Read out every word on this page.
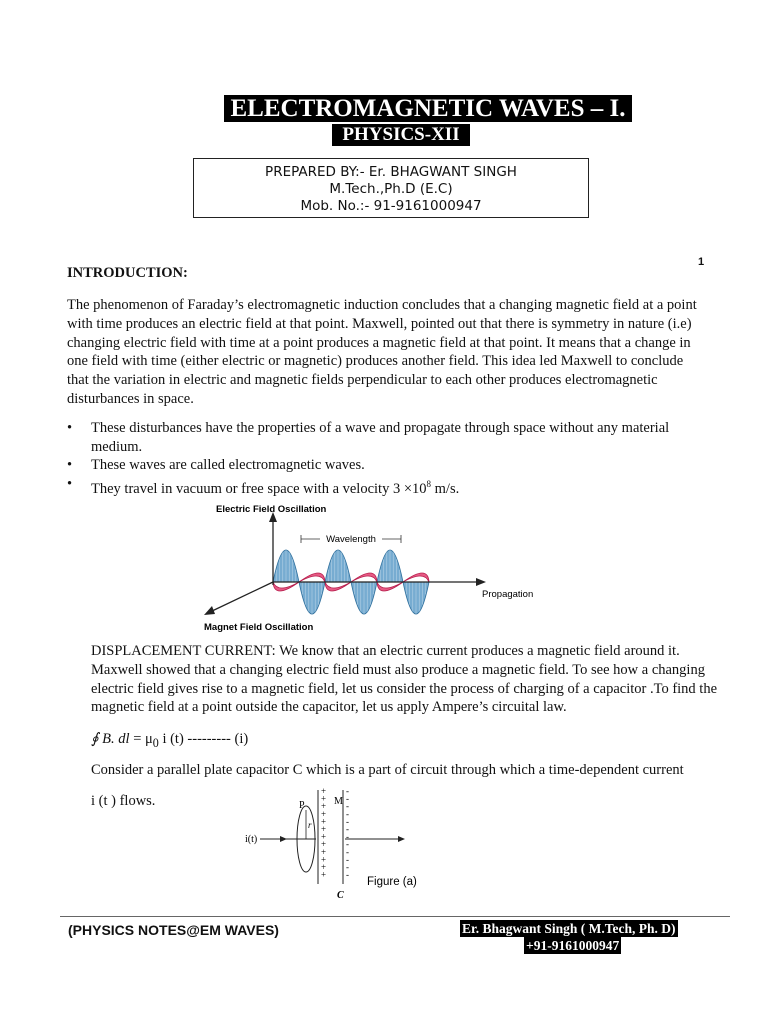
ELECTROMAGNETIC WAVES – I.
PHYSICS-XII
PREPARED BY:- Er. BHAGWANT SINGH
M.Tech.,Ph.D (E.C)
Mob. No.:- 91-9161000947
1
INTRODUCTION:
The phenomenon of Faraday’s electromagnetic induction concludes that a changing magnetic field at a point with time produces an electric field at that point. Maxwell, pointed out that there is symmetry in nature (i.e) changing electric field with time at a point produces a magnetic field at that point. It means that a change in one field with time (either electric or magnetic) produces another field. This idea led Maxwell to conclude that the variation in electric and magnetic fields perpendicular to each other produces electromagnetic disturbances in space.
• These disturbances have the properties of a wave and propagate through space without any material medium.
• These waves are called electromagnetic waves.
• They travel in vacuum or free space with a velocity $3 \times 10^8$ m/s.
Wavelength
Electric Field Oscillation
Propagation
Magnet Field Oscillation
DISPLACEMENT CURRENT: We know that an electric current produces a magnetic field around it. Maxwell showed that a changing electric field must also produce a magnetic field. To see how a changing electric field gives rise to a magnetic field, let us consider the process of charging of a capacitor .To find the magnetic field at a point outside the capacitor, let us apply Ampere’s circuital law.
∮ B. dl = $\mu_0$ i (t) --------- (i)
Consider a parallel plate capacitor C which is a part of circuit through which a time-dependent current
i (t ) flows.
i(t)
P
r
+
+
+
+
+
+
+
+
+
+
+
+
-
-
-
-
-
-
-
-
-
-
-
-
M
C
Figure (a)
(PHYSICS NOTES@EM WAVES)	Er. Bhagwant Singh ( M.Tech, Ph. D)
+91-9161000947
